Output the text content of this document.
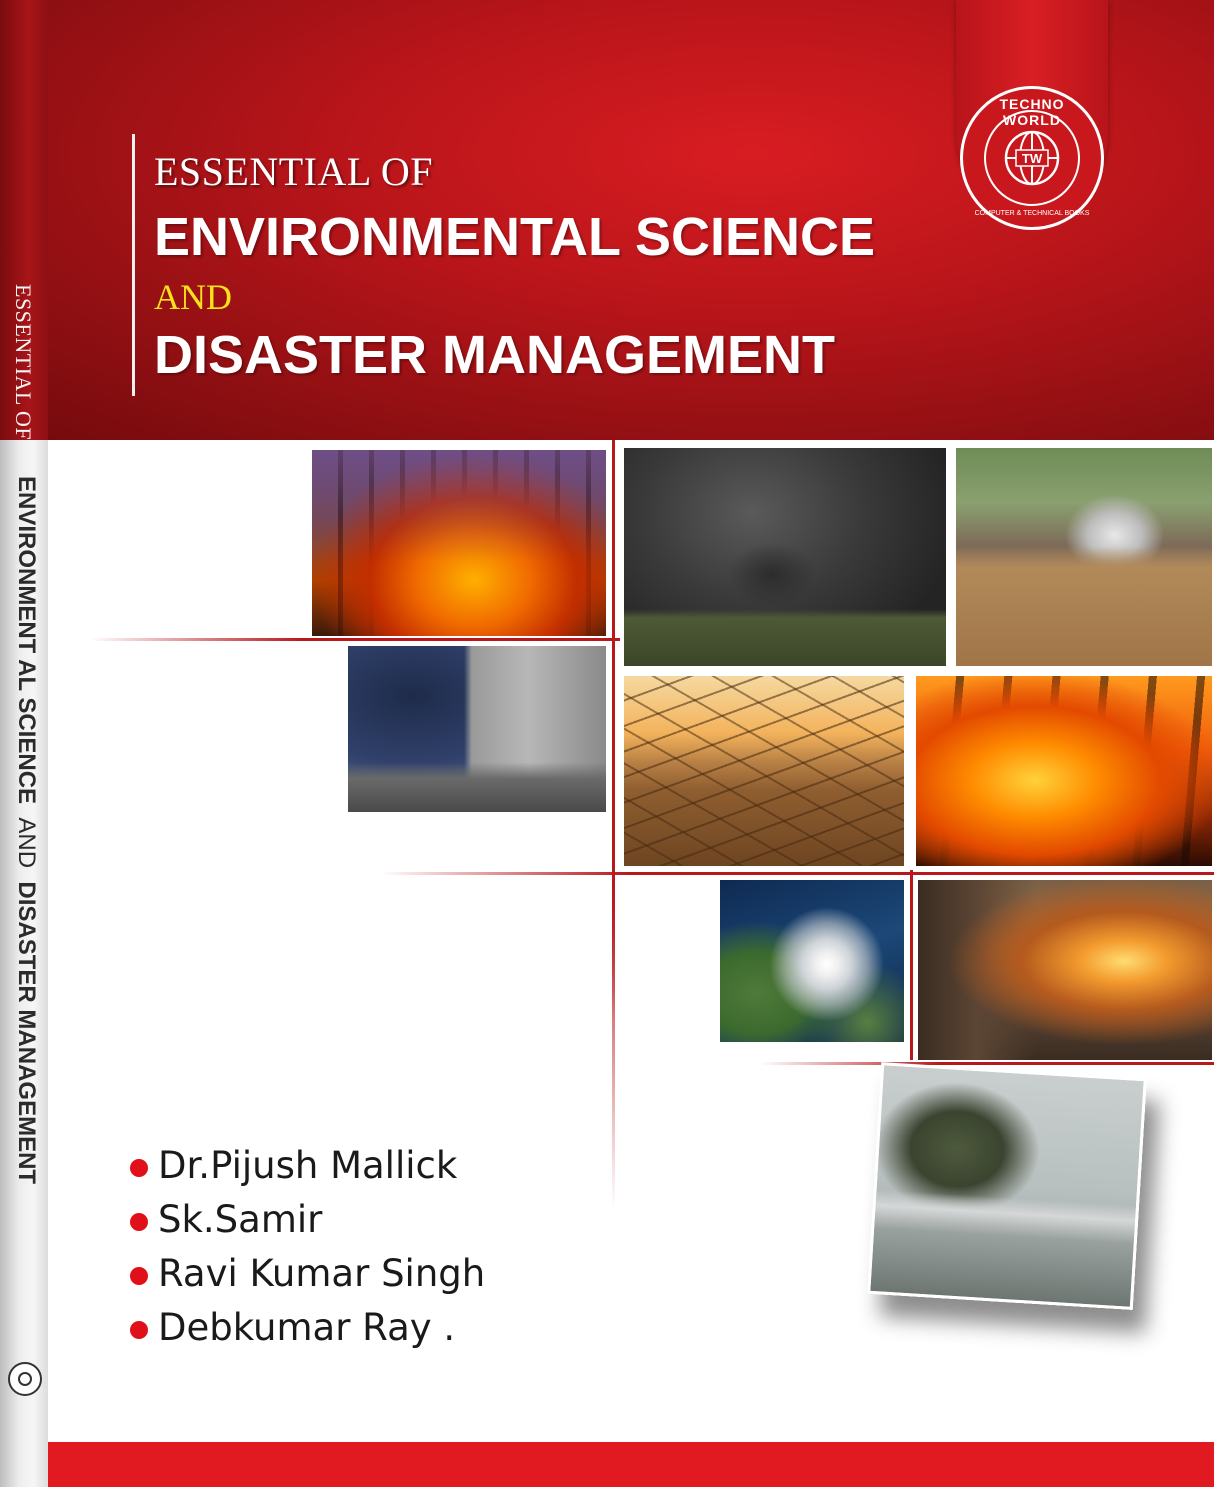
ESSENTIAL OF
ENVIRONMENT AL SCIENCE  AND  DISASTER MANAGEMENT
ESSENTIAL OF
ENVIRONMENTAL SCIENCE
AND
DISASTER MANAGEMENT
TW
TECHNO WORLD
COMPUTER & TECHNICAL BOOKS
Dr.Pijush Mallick
Sk.Samir
Ravi Kumar Singh
Debkumar Ray .
